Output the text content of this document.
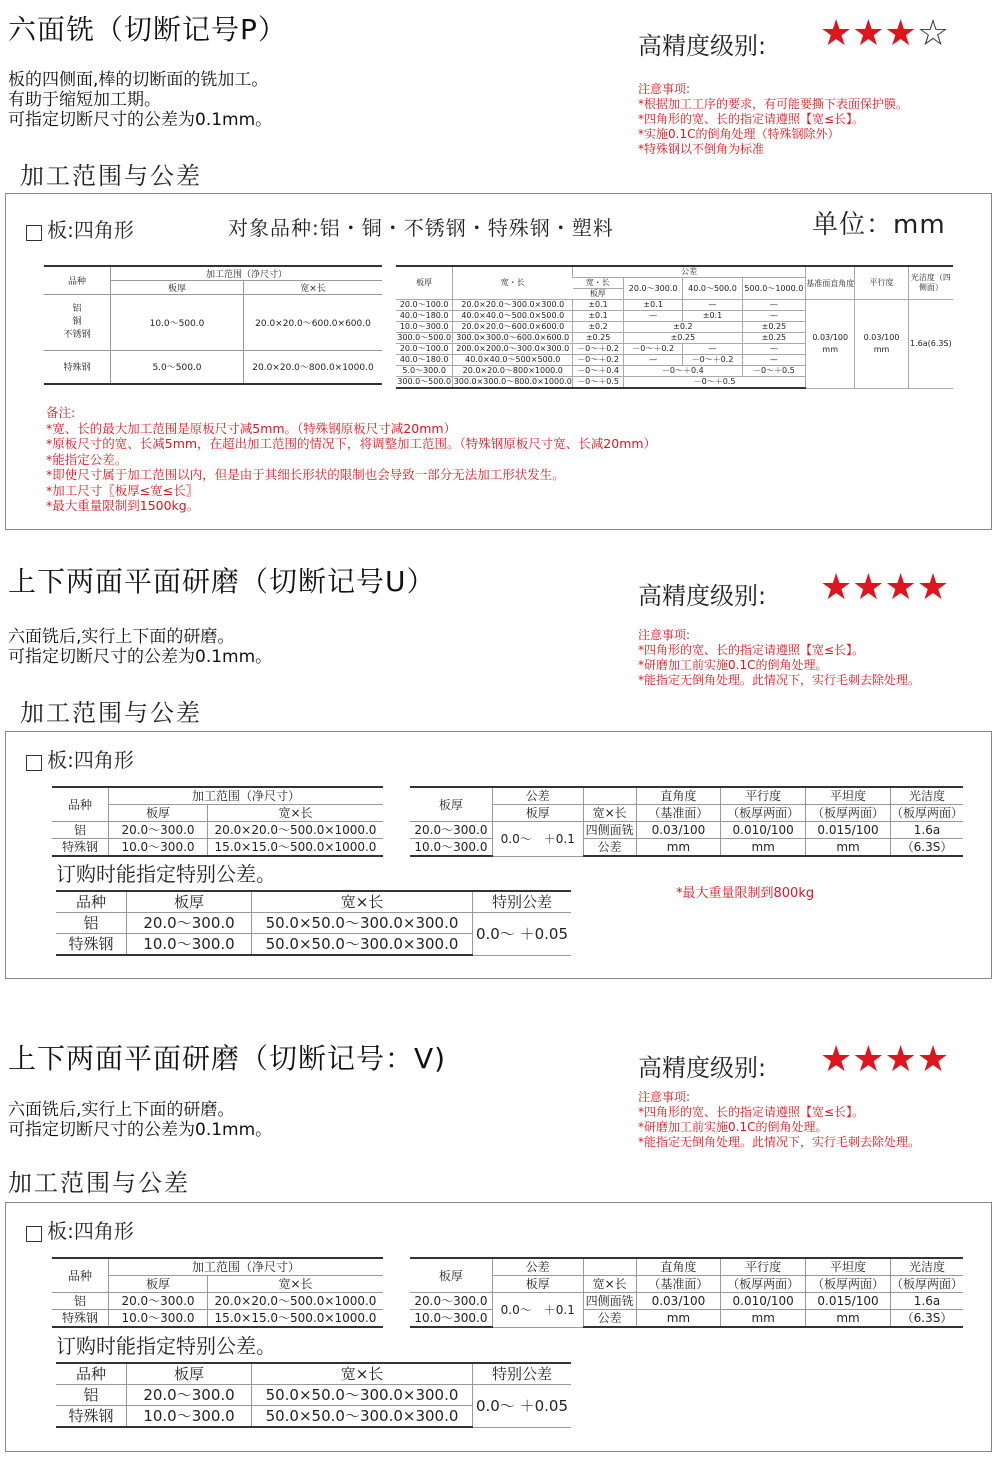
六面铣（切断记号P）
板的四侧面,棒的切断面的铣加工。
有助于缩短加工期。
可指定切断尺寸的公差为0.1mm。
高精度级别: ★★★☆
注意事项:
*根据加工工序的要求，有可能要撕下表面保护膜。
*四角形的宽、长的指定请遵照【宽≤长】。
*实施0.1C的倒角处理（特殊钢除外）
*特殊钢以不倒角为标准
加工范围与公差
板:四角形	对象品种:铝・铜・不锈钢・特殊钢・塑料	单位：mm
品种	加工范围（净尺寸）	
	板厚	宽×长

铝
铜
不锈钢	10.0～500.0	20.0×20.0～600.0×600.0
特殊钢	5.0～500.0	20.0×20.0～800.0×1000.0
板厚	宽・长	公差				基准面直角度	平行度	光洁度（四侧面）
		宽・长	20.0～300.0	40.0～500.0	500.0～1000.0			
		板厚						
20.0～100.0	20.0×20.0～300.0×300.0	±0.1	±0.1	—	—	0.03/100 mm	0.03/100 mm	1.6a(6.3S)
40.0～180.0	40.0×40.0～500.0×500.0	±0.1	—	±0.1	—			
10.0～300.0	20.0×20.0～600.0×600.0	±0.2	±0.2		±0.25			
300.0～500.0	300.0×300.0～600.0×600.0	±0.25	±0.25		±0.25			
20.0～100.0	200.0×200.0～300.0×300.0	－0～＋0.2	－0～＋0.2	—	—			
40.0～180.0	40.0×40.0～500×500.0	－0～＋0.2	—	－0～＋0.2	—			
5.0～300.0	20.0×20.0～800×1000.0	－0～＋0.4	－0～＋0.4		－0～＋0.5			
300.0～500.0	300.0×300.0～800.0×1000.0	－0～＋0.5	－0～＋0.5					
备注:
*宽、长的最大加工范围是原板尺寸减5mm。（特殊钢原板尺寸减20mm）
*原板尺寸的宽、长减5mm，在超出加工范围的情况下，将调整加工范围。（特殊钢原板尺寸宽、长减20mm）
*能指定公差。
*即使尺寸属于加工范围以内，但是由于其细长形状的限制也会导致一部分无法加工形状发生。
*加工尺寸〖板厚≤宽≤长〗
*最大重量限制到1500kg。
上下两面平面研磨（切断记号U）
六面铣后,实行上下面的研磨。
可指定切断尺寸的公差为0.1mm。
高精度级别: ★★★★
注意事项:
*四角形的宽、长的指定请遵照【宽≤长】。
*研磨加工前实施0.1C的倒角处理。
*能指定无倒角处理。此情况下，实行毛刺去除处理。
加工范围与公差
板:四角形
品种	加工范围（净尺寸）	
	板厚	宽×长
铝	20.0～300.0	20.0×20.0～500.0×1000.0
特殊钢	10.0～300.0	15.0×15.0～500.0×1000.0
板厚	公差		直角度	平行度	平坦度	光洁度
	板厚	宽×长	（基准面）	（板厚两面）	（板厚两面）	（板厚两面）
20.0～300.0	0.0～　＋0.1	四侧面铣	0.03/100	0.010/100	0.015/100	1.6a
10.0～300.0		公差	mm	mm	mm	（6.3S）
订购时能指定特别公差。
*最大重量限制到800kg
品种	板厚	宽×长	特别公差
铝	20.0～300.0	50.0×50.0～300.0×300.0	0.0～ ＋0.05
特殊钢	10.0～300.0	50.0×50.0～300.0×300.0	
上下两面平面研磨（切断记号：V)
六面铣后,实行上下面的研磨。
可指定切断尺寸的公差为0.1mm。
高精度级别: ★★★★
注意事项:
*四角形的宽、长的指定请遵照【宽≤长】。
*研磨加工前实施0.1C的倒角处理。
*能指定无倒角处理。此情况下，实行毛刺去除处理。
加工范围与公差
板:四角形
品种	加工范围（净尺寸）	
	板厚	宽×长
铝	20.0～300.0	20.0×20.0～500.0×1000.0
特殊钢	10.0～300.0	15.0×15.0～500.0×1000.0
板厚	公差		直角度	平行度	平坦度	光洁度
	板厚	宽×长	（基准面）	（板厚两面）	（板厚两面）	（板厚两面）
20.0～300.0	0.0～　＋0.1	四侧面铣	0.03/100	0.010/100	0.015/100	1.6a
10.0～300.0		公差	mm	mm	mm	（6.3S）
订购时能指定特别公差。
品种	板厚	宽×长	特别公差
铝	20.0～300.0	50.0×50.0～300.0×300.0	0.0～ ＋0.05
特殊钢	10.0～300.0	50.0×50.0～300.0×300.0	
